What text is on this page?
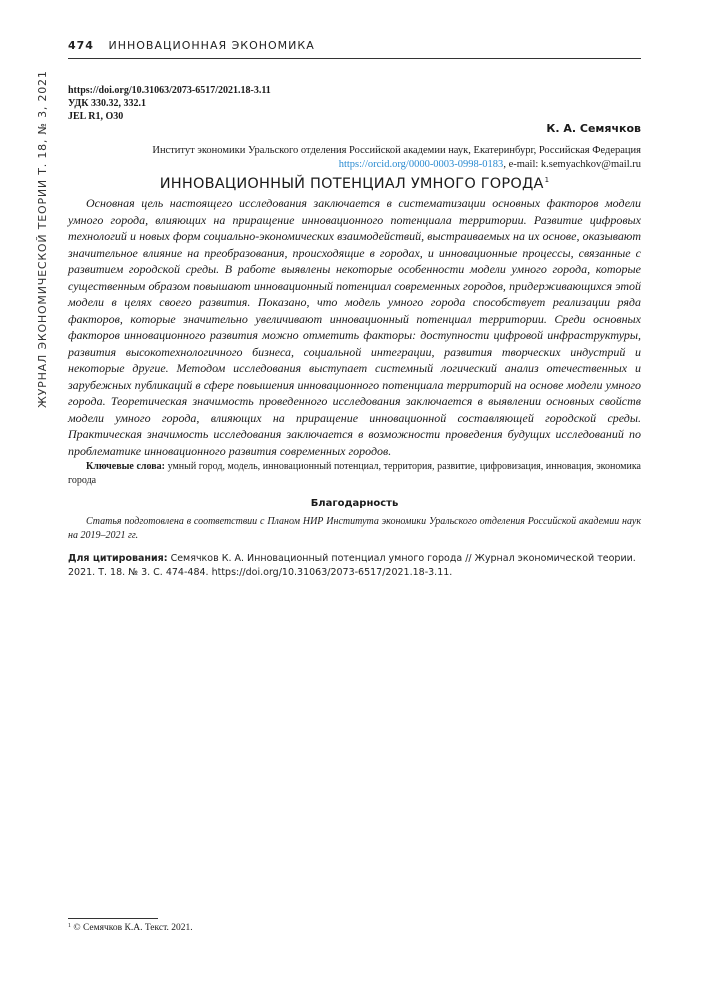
474 ИННОВАЦИОННАЯ ЭКОНОМИКА
ЖУРНАЛ ЭКОНОМИЧЕСКОЙ ТЕОРИИ Т. 18, № 3, 2021 https://doi.org/10.31063/2073-6517/2021.18-3.11
УДК 330.32, 332.1
JEL R1, O30
К. А. Семячков
Институт экономики Уральского отделения Российской академии наук, Екатеринбург, Российская Федерация
https://orcid.org/0000-0003-0998-0183, e-mail: k.semyachkov@mail.ru
ИННОВАЦИОННЫЙ ПОТЕНЦИАЛ УМНОГО ГОРОДА$^1$

Основная цель настоящего исследования заключается в систематизации основных факторов модели умного города, влияющих на приращение инновационного потенциала территории. Развитие цифровых технологий и новых форм социально-экономических взаимодействий, выстраиваемых на их основе, оказывают значительное влияние на преобразования, происходящие в городах, и инновационные процессы, связанные с развитием городской среды. В работе выявлены некоторые особенности модели умного города, которые существенным образом повышают инновационный потенциал современных городов, придерживающихся этой модели в целях своего развития. Показано, что модель умного города способствует реализации ряда факторов, которые значительно увеличивают инновационный потенциал территории. Среди основных факторов инновационного развития можно отметить факторы: доступности цифровой инфраструктуры, развития высокотехнологичного бизнеса, социальной интеграции, развития творческих индустрий и некоторые другие. Методом исследования выступает системный логический анализ отечественных и зарубежных публикаций в сфере повышения инновационного потенциала территорий на основе модели умного города. Теоретическая значимость проведенного исследования заключается в выявлении основных свойств модели умного города, влияющих на приращение инновационной составляющей городской среды. Практическая значимость исследования заключается в возможности проведения будущих исследований по проблематике инновационного развития современных городов.

Ключевые слова: умный город, модель, инновационный потенциал, территория, развитие, цифровизация, инновация, экономика города

Благодарность

Статья подготовлена в соответствии с Планом НИР Института экономики Уральского отделения Российской академии наук на 2019–2021 гг.

Для цитирования: Семячков К. А. Инновационный потенциал умного города // Журнал экономической теории. 2021. Т. 18. № 3. С. 474-484. https://doi.org/10.31063/2073-6517/2021.18-3.11.

$^1$ © Семячков К.А. Текст. 2021.
